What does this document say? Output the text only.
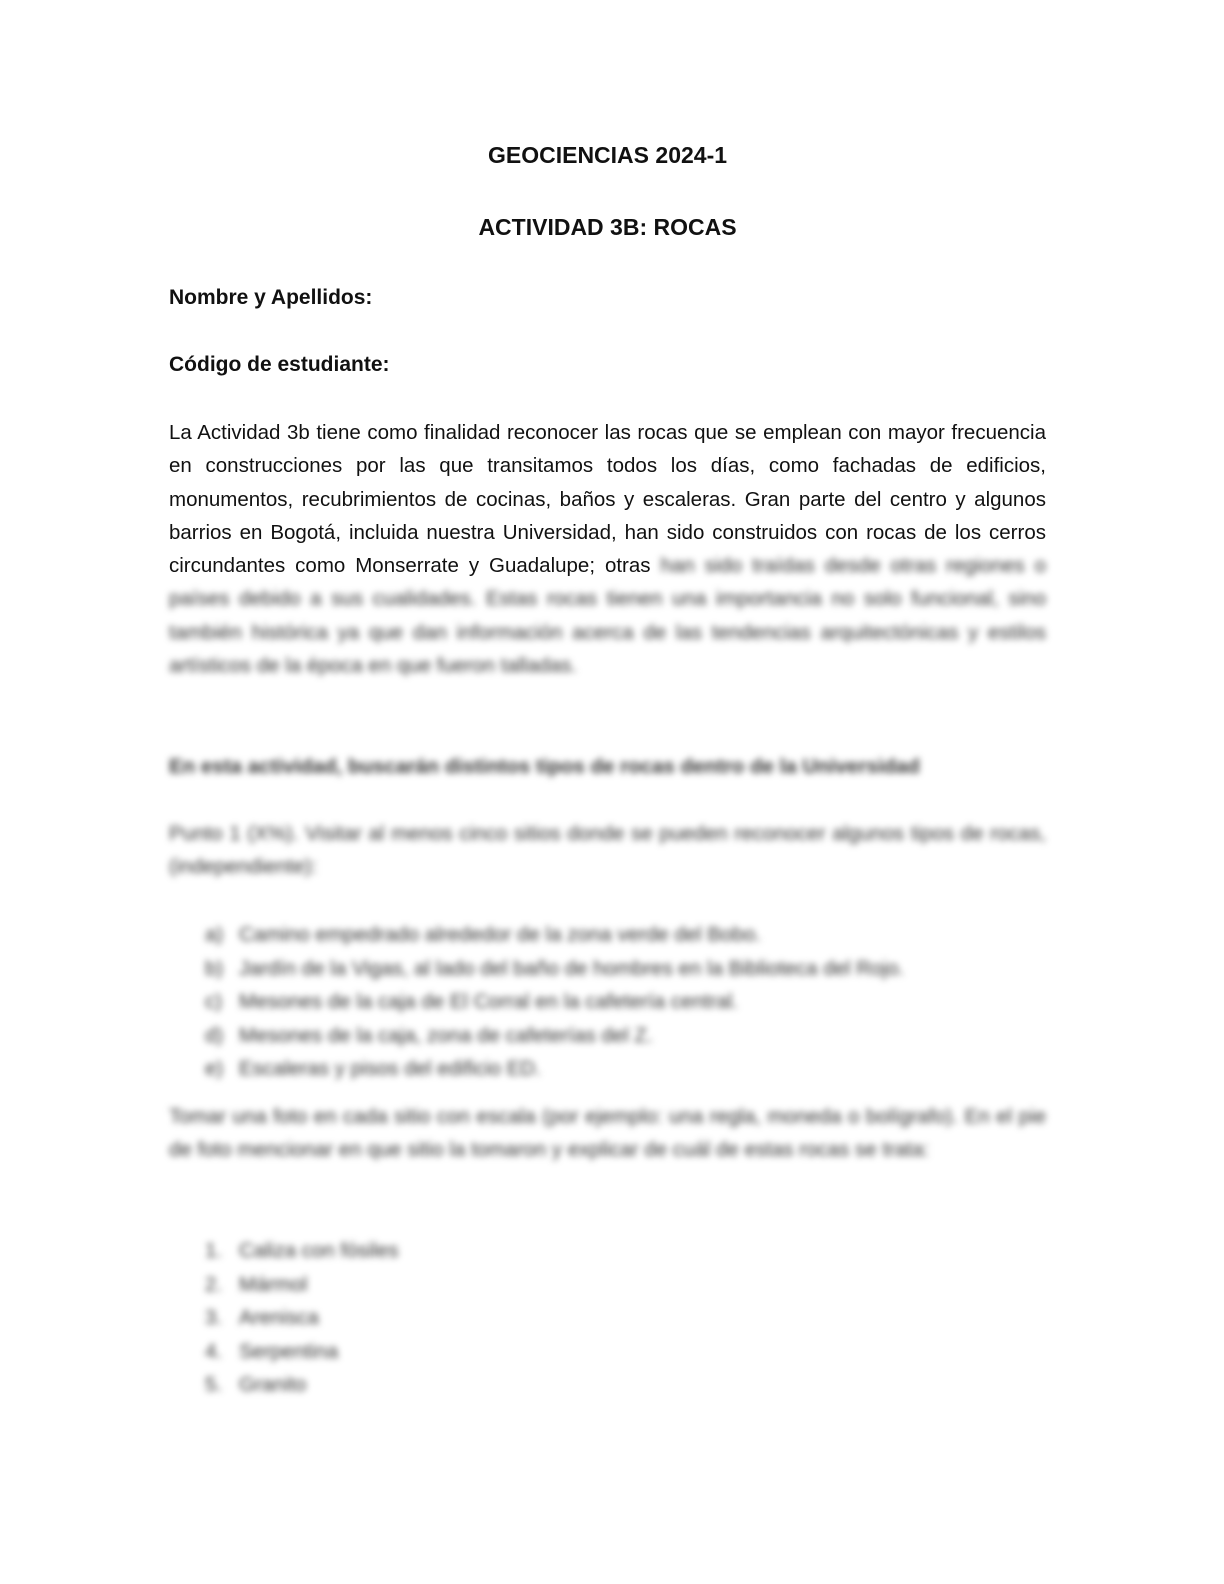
GEOCIENCIAS 2024-1
ACTIVIDAD 3B: ROCAS
Nombre y Apellidos:
Código de estudiante:
La Actividad 3b tiene como finalidad reconocer las rocas que se emplean con mayor frecuencia en construcciones por las que transitamos todos los días, como fachadas de edificios, monumentos, recubrimientos de cocinas, baños y escaleras. Gran parte del centro y algunos barrios en Bogotá, incluida nuestra Universidad, han sido construidos con rocas de los cerros circundantes como Monserrate y Guadalupe; otras han sido traídas desde otras regiones o países debido a sus cualidades. Estas rocas tienen una importancia no solo funcional, sino también histórica ya que dan información acerca de las tendencias arquitectónicas y estilos artísticos de la época en que fueron talladas.
En esta actividad, buscarán distintos tipos de rocas dentro de la Universidad
Punto 1 (X%). Visitar al menos cinco sitios donde se pueden reconocer algunos tipos de rocas, (independiente):
a) Camino empedrado alrededor de la zona verde del Bobo.
b) Jardín de la Vigas, al lado del baño de hombres en la Biblioteca del Rojo.
c) Mesones de la caja de El Corral en la cafetería central.
d) Mesones de la caja, zona de cafeterías del Z.
e) Escaleras y pisos del edificio ED.
Tomar una foto en cada sitio con escala (por ejemplo: una regla, moneda o bolígrafo). En el pie de foto mencionar en que sitio la tomaron y explicar de cuál de estas rocas se trata:
1. Caliza con fósiles
2. Mármol
3. Arenisca
4. Serpentina
5. Granito
